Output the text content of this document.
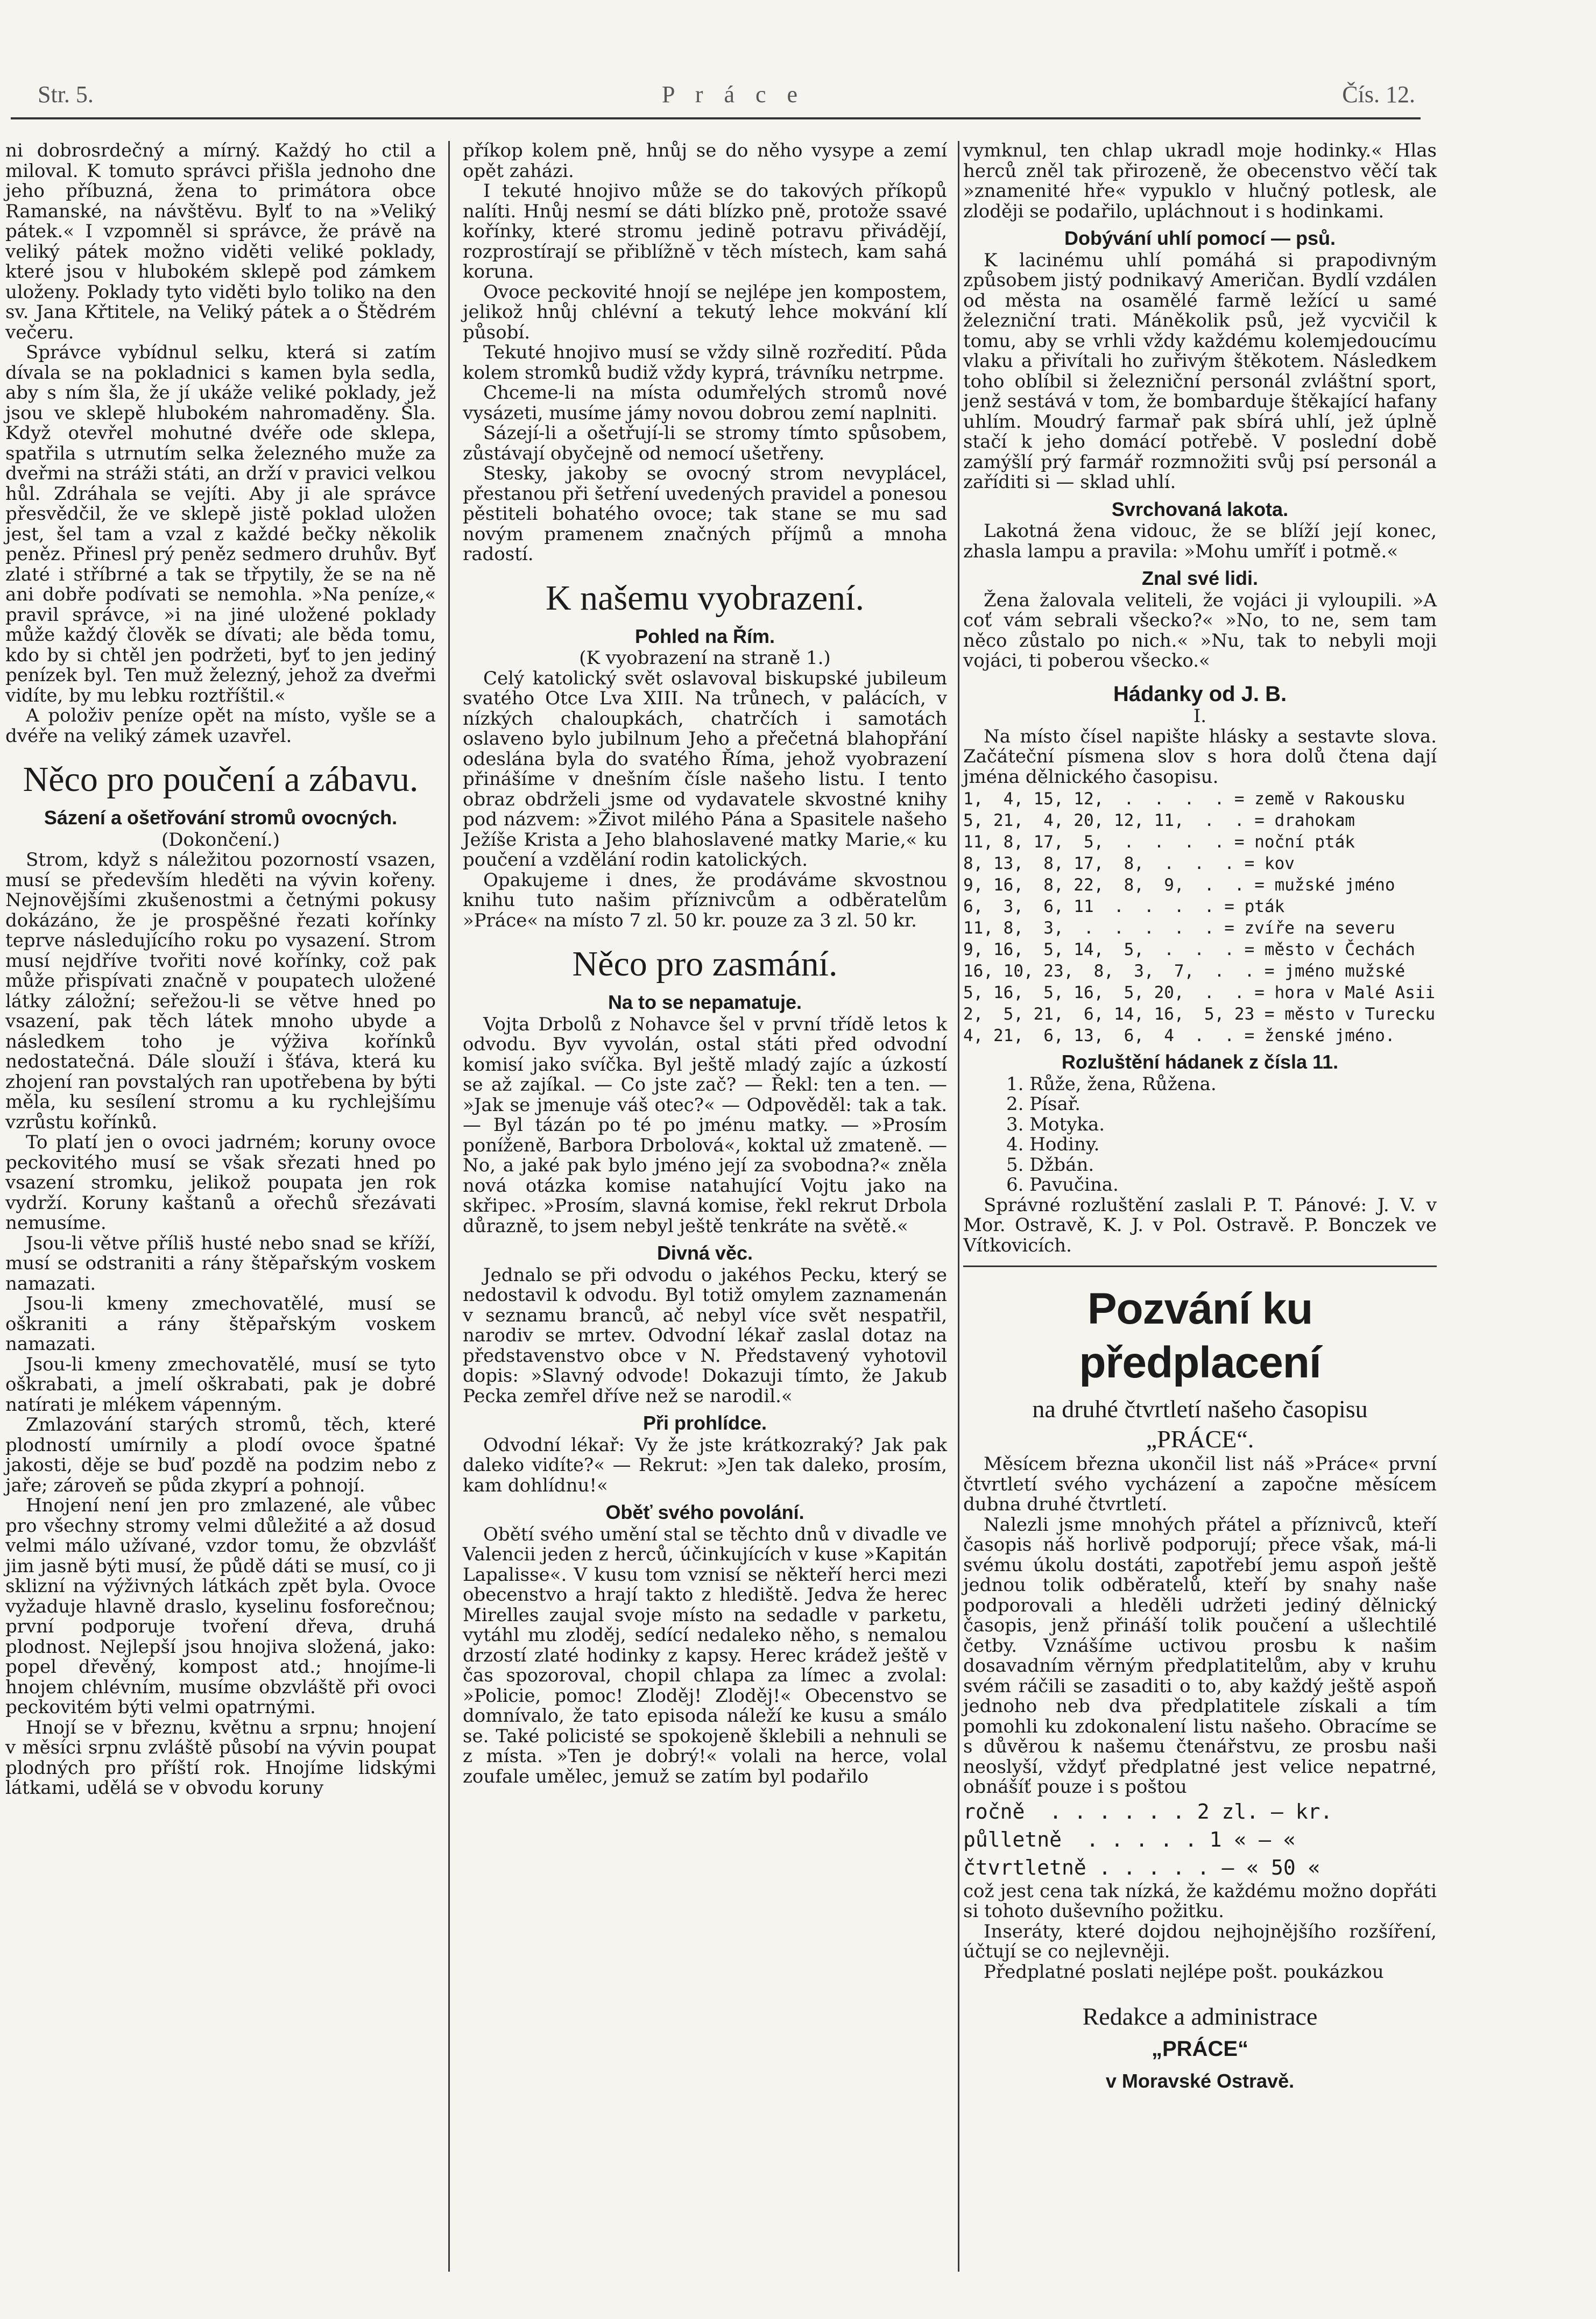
Str. 5.	P r á c e	Čís. 12.

ni dobrosrdečný a mírný. Každý ho ctil a miloval. K tomuto správci přišla jednoho dne jeho příbuzná, žena to primátora obce Ramanské, na návštěvu. Bylť to na »Veliký pátek.« I vzpomněl si správce, že právě na veliký pátek možno viděti veliké poklady, které jsou v hlubokém sklepě pod zámkem uloženy. Poklady tyto viděti bylo toliko na den sv. Jana Křtitele, na Veliký pátek a o Štědrém večeru.

Správce vybídnul selku, která si zatím dívala se na pokladnici s kamen byla sedla, aby s ním šla, že jí ukáže veliké poklady, jež jsou ve sklepě hlubokém nahromaděny. Šla. Když otevřel mohutné dvéře ode sklepa, spatřila s utrnutím selka železného muže za dveřmi na stráži státi, an drží v pravici velkou hůl. Zdráhala se vejíti. Aby ji ale správce přesvědčil, že ve sklepě jistě poklad uložen jest, šel tam a vzal z každé bečky několik peněz. Přinesl prý peněz sedmero druhův. Byť zlaté i stříbrné a tak se třpytily, že se na ně ani dobře podívati se nemohla. »Na peníze,« pravil správce, »i na jiné uložené poklady může každý člověk se dívati; ale běda tomu, kdo by si chtěl jen podržeti, byť to jen jediný penízek byl. Ten muž železný, jehož za dveřmi vidíte, by mu lebku roztříštil.«

A položiv peníze opět na místo, vyšle se a dvéře na veliký zámek uzavřel.

Něco pro poučení a zábavu.
Sázení a ošetřování stromů ovocných.

(Dokončení.)

Strom, když s náležitou pozorností vsazen, musí se především hleděti na vývin kořeny. Nejnovějšími zkušenostmi a četnými pokusy dokázáno, že je prospěšné řezati kořínky teprve následujícího roku po vysazení. Strom musí nejdříve tvořiti nové kořínky, což pak může přispívati značně v poupatech uložené látky záložní; seřežou-li se větve hned po vsazení, pak těch látek mnoho ubyde a následkem toho je výživa kořínků nedostatečná. Dále slouží i šťáva, která ku zhojení ran povstalých ran upotřebena by býti měla, ku sesílení stromu a ku rychlejšímu vzrůstu kořínků.

To platí jen o ovoci jadrném; koruny ovoce peckovitého musí se však sřezati hned po vsazení stromku, jelikož poupata jen rok vydrží. Koruny kaštanů a ořechů sřezávati nemusíme.

Jsou-li větve příliš husté nebo snad se kříží, musí se odstraniti a rány štěpařským voskem namazati.

Jsou-li kmeny zmechovatělé, musí se oškraniti a rány štěpařským voskem namazati.

Jsou-li kmeny zmechovatělé, musí se tyto oškrabati, a jmelí oškrabati, pak je dobré natírati je mlékem vápenným.

Zmlazování starých stromů, těch, které plodností umírnily a plodí ovoce špatné jakosti, děje se buď pozdě na podzim nebo z jaře; zároveň se půda zkyprí a pohnojí.

Hnojení není jen pro zmlazené, ale vůbec pro všechny stromy velmi důležité a až dosud velmi málo užívané, vzdor tomu, že obzvlášť jim jasně býti musí, že půdě dáti se musí, co ji sklizní na výživných látkách zpět byla. Ovoce vyžaduje hlavně draslo, kyselinu fosforečnou; první podporuje tvoření dřeva, druhá plodnost. Nejlepší jsou hnojiva složená, jako: popel dřevěný, kompost atd.; hnojíme-li hnojem chlévním, musíme obzvláště při ovoci peckovitém býti velmi opatrnými.

Hnojí se v březnu, květnu a srpnu; hnojení v měsíci srpnu zvláště působí na vývin poupat plodných pro příští rok. Hnojíme lidskými látkami, udělá se v obvodu koruny

příkop kolem pně, hnůj se do něho vysype a zemí opět zaházi.

I tekuté hnojivo může se do takových příkopů nalíti. Hnůj nesmí se dáti blízko pně, protože ssavé kořínky, které stromu jedině potravu přivádějí, rozprostírají se přiblížně v těch místech, kam sahá koruna.

Ovoce peckovité hnojí se nejlépe jen kompostem, jelikož hnůj chlévní a tekutý lehce mokvání klí působí.

Tekuté hnojivo musí se vždy silně rozředití. Půda kolem stromků budiž vždy kyprá, trávníku netrpme.

Chceme-li na místa odumřelých stromů nové vysázeti, musíme jámy novou dobrou zemí naplniti.

Sázejí-li a ošetřují-li se stromy tímto spůsobem, zůstávají obyčejně od nemocí ušetřeny.

Stesky, jakoby se ovocný strom nevyplácel, přestanou při šetření uvedených pravidel a ponesou pěstiteli bohatého ovoce; tak stane se mu sad novým pramenem značných příjmů a mnoha radostí.

K našemu vyobrazení.
Pohled na Řím.

(K vyobrazení na straně 1.)

Celý katolický svět oslavoval biskupské jubileum svatého Otce Lva XIII. Na trůnech, v palácích, v nízkých chaloupkách, chatrčích i samotách oslaveno bylo jubilnum Jeho a přečetná blahopřání odeslána byla do svatého Říma, jehož vyobrazení přinášíme v dnešním čísle našeho listu. I tento obraz obdrželi jsme od vydavatele skvostné knihy pod názvem: »Život milého Pána a Spasitele našeho Ježíše Krista a Jeho blahoslavené matky Marie,« ku poučení a vzdělání rodin katolických.

Opakujeme i dnes, že prodáváme skvostnou knihu tuto našim příznivcům a odběratelům »Práce« na místo 7 zl. 50 kr. pouze za 3 zl. 50 kr.

Něco pro zasmání.
Na to se nepamatuje.

Vojta Drbolů z Nohavce šel v první třídě letos k odvodu. Byv vyvolán, ostal státi před odvodní komisí jako svíčka. Byl ještě mladý zajíc a úzkostí se až zajíkal. — Co jste zač? — Řekl: ten a ten. — »Jak se jmenuje váš otec?« — Odpověděl: tak a tak. — Byl tázán po té po jménu matky. — »Prosím poníženě, Barbora Drbolová«, koktal už zmateně. — No, a jaké pak bylo jméno její za svobodna?« zněla nová otázka komise natahující Vojtu jako na skřipec. »Prosím, slavná komise, řekl rekrut Drbola důrazně, to jsem nebyl ještě tenkráte na světě.«

Divná věc.

Jednalo se při odvodu o jakéhos Pecku, který se nedostavil k odvodu. Byl totiž omylem zaznamenán v seznamu branců, ač nebyl více svět nespatřil, narodiv se mrtev. Odvodní lékař zaslal dotaz na představenstvo obce v N. Představený vyhotovil dopis: »Slavný odvode! Dokazuji tímto, že Jakub Pecka zemřel dříve než se narodil.«

Při prohlídce.

Odvodní lékař: Vy že jste krátkozraký? Jak pak daleko vidíte?« — Rekrut: »Jen tak daleko, prosím, kam dohlídnu!«

Oběť svého povolání.

Obětí svého umění stal se těchto dnů v divadle ve Valencii jeden z herců, účinkujících v kuse »Kapitán Lapalisse«. V kusu tom vznisí se někteří herci mezi obecenstvo a hrají takto z hlediště. Jedva že herec Mirelles zaujal svoje místo na sedadle v parketu, vytáhl mu zloděj, sedící nedaleko něho, s nemalou drzostí zlaté hodinky z kapsy. Herec krádež ještě v čas spozoroval, chopil chlapa za límec a zvolal: »Policie, pomoc! Zloděj! Zloděj!« Obecenstvo se domnívalo, že tato episoda náleží ke kusu a smálo se. Také policisté se spokojeně šklebili a nehnuli se z místa. »Ten je dobrý!« volali na herce, volal zoufale umělec, jemuž se zatím byl podařilo

vymknul, ten chlap ukradl moje hodinky.« Hlas herců zněl tak přirozeně, že obecenstvo věčí tak »znamenité hře« vypuklo v hlučný potlesk, ale zloději se podařilo, upláchnout i s hodinkami.

Dobývání uhlí pomocí — psů.

K lacinému uhlí pomáhá si prapodivným způsobem jistý podnikavý Američan. Bydlí vzdálen od města na osamělé farmě ležící u samé železniční trati. Máněkolik psů, jež vycvičil k tomu, aby se vrhli vždy každému kolemjedoucímu vlaku a přivítali ho zuřivým štěkotem. Následkem toho oblíbil si železniční personál zvláštní sport, jenž sestává v tom, že bombarduje štěkající hafany uhlím. Moudrý farmař pak sbírá uhlí, jež úplně stačí k jeho domácí potřebě. V poslední době zamýšlí prý farmář rozmnožiti svůj psí personál a zaříditi si — sklad uhlí.

Svrchovaná lakota.

Lakotná žena vidouc, že se blíží její konec, zhasla lampu a pravila: »Mohu umříť i potmě.«

Znal své lidi.

Žena žalovala veliteli, že vojáci ji vyloupili. »A coť vám sebrali všecko?« »No, to ne, sem tam něco zůstalo po nich.« »Nu, tak to nebyli moji vojáci, ti poberou všecko.«

Hádanky od J. B.

I.

Na místo čísel napište hlásky a sestavte slova. Začáteční písmena slov s hora dolů čtena dají jména dělnického časopisu.

1,  4, 15, 12,  .  .  .  . = země v Rakousku
5, 21,  4, 20, 12, 11,  .  . = drahokam
11, 8, 17,  5,  .  .  .  . = noční pták
8, 13,  8, 17,  8,  .  .  . = kov
9, 16,  8, 22,  8,  9,  .  . = mužské jméno
6,  3,  6, 11  .  .  .  . = pták
11, 8,  3,  .  .  .  .  . = zvíře na severu
9, 16,  5, 14,  5,  .  .  . = město v Čechách
16, 10, 23,  8,  3,  7,  .  . = jméno mužské
5, 16,  5, 16,  5, 20,  .  . = hora v Malé Asii
2,  5, 21,  6, 14, 16,  5, 23 = město v Turecku
4, 21,  6, 13,  6,  4  .  . = ženské jméno.
Rozluštění hádanek z čísla 11.

1. Růže, žena, Růžena.

2. Písař.

3. Motyka.

4. Hodiny.

5. Džbán.

6. Pavučina.

Správné rozluštění zaslali P. T. Pánové: J. V. v Mor. Ostravě, K. J. v Pol. Ostravě. P. Bonczek ve Vítkovicích.

Pozvání ku předplacení
na druhé čtvrtletí našeho časopisu
„PRÁCE“.

Měsícem března ukončil list náš »Práce« první čtvrtletí svého vycházení a započne měsícem dubna druhé čtvrtletí.

Nalezli jsme mnohých přátel a příznivců, kteří časopis náš horlivě podporují; přece však, má-li svému úkolu dostáti, zapotřebí jemu aspoň ještě jednou tolik odběratelů, kteří by snahy naše podporovali a hleděli udržeti jediný dělnický časopis, jenž přináší tolik poučení a ušlechtilé četby. Vznášíme uctivou prosbu k našim dosavadním věrným předplatitelům, aby v kruhu svém ráčili se zasaditi o to, aby každý ještě aspoň jednoho neb dva předplatitele získali a tím pomohli ku zdokonalení listu našeho. Obracíme se s důvěrou k našemu čtenářstvu, ze prosbu naši neoslyší, vždyť předplatné jest velice nepatrné, obnášíť pouze i s poštou

ročně  . . . . . . 2 zl. — kr.
půlletně  . . . . . 1 « — «
čtvrtletně . . . . . — « 50 «

což jest cena tak nízká, že každému možno dopřáti si tohoto duševního požitku.

Inseráty, které dojdou nejhojnějšího rozšíření, účtují se co nejlevněji.

Předplatné poslati nejlépe pošt. poukázkou

Redakce a administrace
„PRÁCE“
v Moravské Ostravě.
